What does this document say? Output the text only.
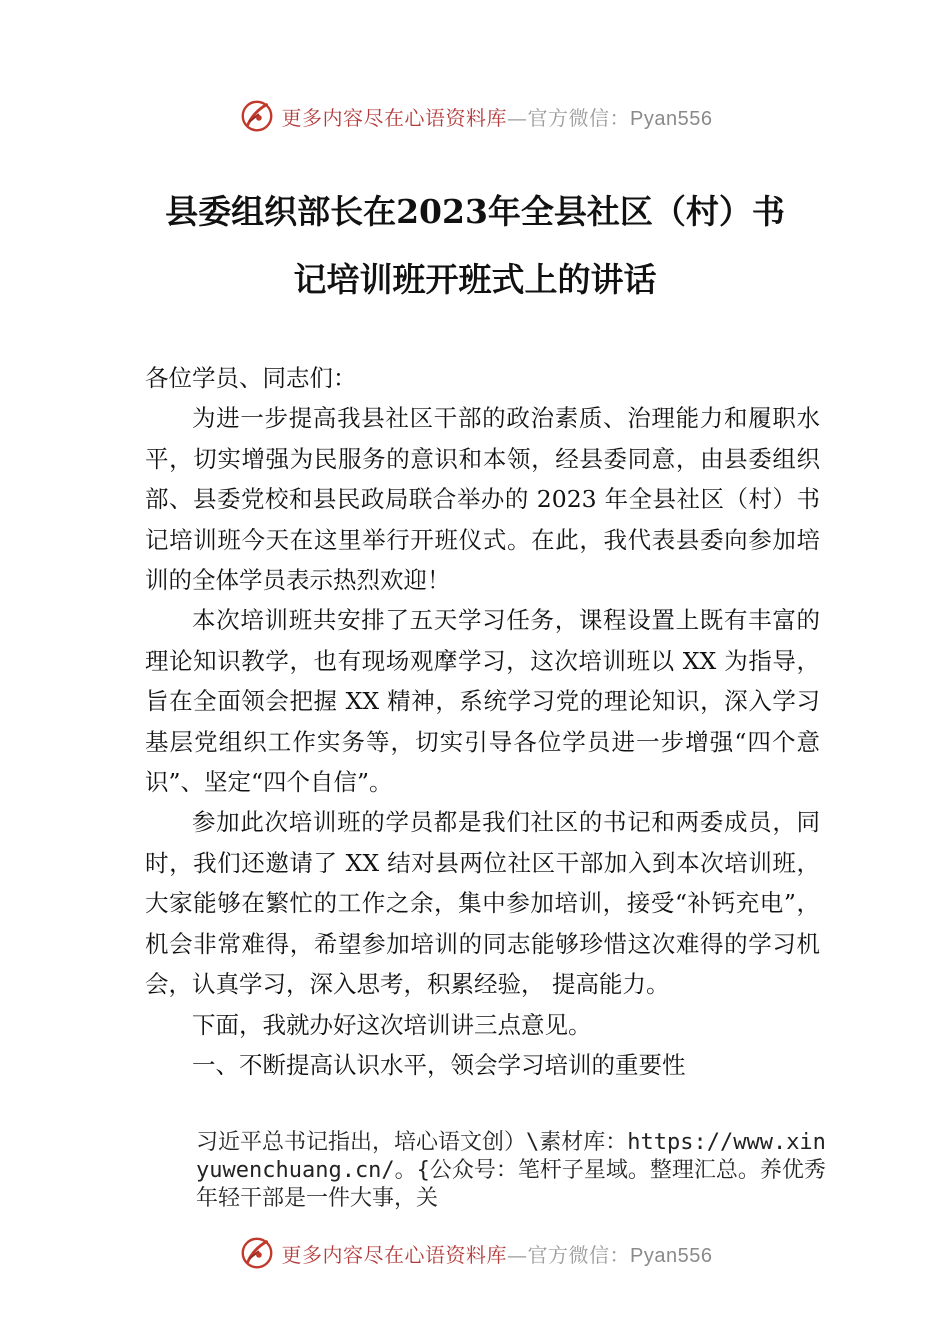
更多内容尽在心语资料库—官方微信：Pyan556
县委组织部长在2023年全县社区（村）书
记培训班开班式上的讲话

各位学员、同志们：

为进一步提高我县社区干部的政治素质、治理能力和履职水平，切实增强为民服务的意识和本领，经县委同意，由县委组织部、县委党校和县民政局联合举办的 2023 年全县社区（村）书记培训班今天在这里举行开班仪式。在此，我代表县委向参加培训的全体学员表示热烈欢迎！

本次培训班共安排了五天学习任务，课程设置上既有丰富的理论知识教学，也有现场观摩学习，这次培训班以 XX 为指导，旨在全面领会把握 XX 精神，系统学习党的理论知识，深入学习基层党组织工作实务等，切实引导各位学员进一步增强“四个意识”、坚定“四个自信”。

参加此次培训班的学员都是我们社区的书记和两委成员，同时，我们还邀请了 XX 结对县两位社区干部加入到本次培训班，大家能够在繁忙的工作之余，集中参加培训，接受“补钙充电”，机会非常难得，希望参加培训的同志能够珍惜这次难得的学习机会，认真学习，深入思考，积累经验， 提高能力。

下面，我就办好这次培训讲三点意见。

一、不断提高认识水平，领会学习培训的重要性

习近平总书记指出，培心语文创）\素材库：https://www.xinyuwenchuang.cn/。{公众号：笔杆子星域。整理汇总。养优秀年轻干部是一件大事，关
更多内容尽在心语资料库—官方微信：Pyan556
